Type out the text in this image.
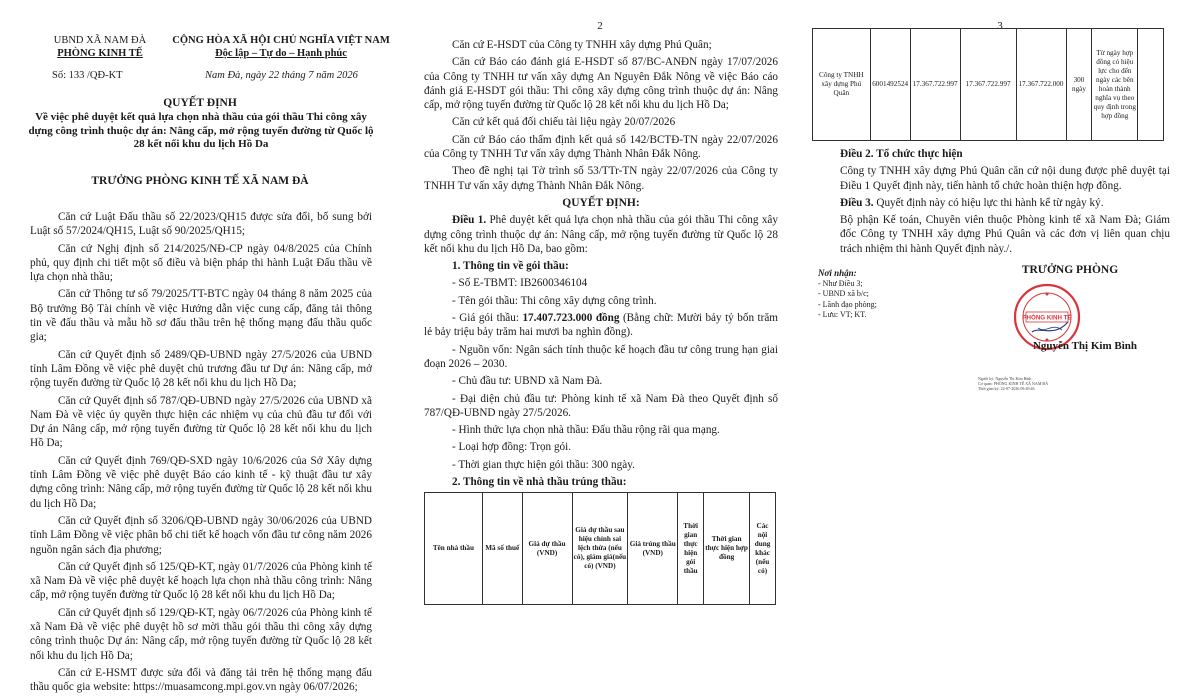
UBND XÃ NAM ĐÀ
PHÒNG KINH TẾ
CỘNG HÒA XÃ HỘI CHỦ NGHĨA VIỆT NAM
Độc lập – Tự do – Hạnh phúc
Số: 133 /QĐ-KT	Nam Đà, ngày 22 tháng 7 năm 2026
QUYẾT ĐỊNH
Về việc phê duyệt kết quả lựa chọn nhà thầu của gói thầu Thi công xây dựng công trình thuộc dự án: Nâng cấp, mở rộng tuyến đường từ Quốc lộ 28 kết nối khu du lịch Hồ Da
TRƯỞNG PHÒNG KINH TẾ XÃ NAM ĐÀ

Căn cứ Luật Đấu thầu số 22/2023/QH15 được sửa đổi, bổ sung bởi Luật số 57/2024/QH15, Luật số 90/2025/QH15;

Căn cứ Nghị định số 214/2025/NĐ-CP ngày 04/8/2025 của Chính phủ, quy định chi tiết một số điều và biện pháp thi hành Luật Đấu thầu về lựa chọn nhà thầu;

Căn cứ Thông tư số 79/2025/TT-BTC ngày 04 tháng 8 năm 2025 của Bộ trưởng Bộ Tài chính về việc Hướng dẫn việc cung cấp, đăng tải thông tin về đấu thầu và mẫu hồ sơ đấu thầu trên hệ thống mạng đấu thầu quốc gia;

Căn cứ Quyết định số 2489/QĐ-UBND ngày 27/5/2026 của UBND tỉnh Lâm Đồng về việc phê duyệt chủ trương đầu tư Dự án: Nâng cấp, mở rộng tuyến đường từ Quốc lộ 28 kết nối khu du lịch Hồ Da;

Căn cứ Quyết định số 787/QĐ-UBND ngày 27/5/2026 của UBND xã Nam Đà về việc ủy quyền thực hiện các nhiệm vụ của chủ đầu tư đối với Dự án Nâng cấp, mở rộng tuyến đường từ Quốc lộ 28 kết nối khu du lịch Hồ Da;

Căn cứ Quyết định 769/QĐ-SXD ngày 10/6/2026 của Sở Xây dựng tỉnh Lâm Đồng về việc phê duyệt Báo cáo kinh tế - kỹ thuật đầu tư xây dựng công trình: Nâng cấp, mở rộng tuyến đường từ Quốc lộ 28 kết nối khu du lịch Hồ Da;

Căn cứ Quyết định số 3206/QĐ-UBND ngày 30/06/2026 của UBND tỉnh Lâm Đồng về việc phân bổ chi tiết kế hoạch vốn đầu tư công năm 2026 nguồn ngân sách địa phương;

Căn cứ Quyết định số 125/QĐ-KT, ngày 01/7/2026 của Phòng kinh tế xã Nam Đà về việc phê duyệt kế hoạch lựa chọn nhà thầu công trình: Nâng cấp, mở rộng tuyến đường từ Quốc lộ 28 kết nối khu du lịch Hồ Da;

Căn cứ Quyết định số 129/QĐ-KT, ngày 06/7/2026 của Phòng kinh tế xã Nam Đà về việc phê duyệt hồ sơ mời thầu gói thầu thi công xây dựng công trình thuộc Dự án: Nâng cấp, mở rộng tuyến đường từ Quốc lộ 28 kết nối khu du lịch Hồ Da;

Căn cứ E-HSMT được sửa đổi và đăng tải trên hệ thống mạng đấu thầu quốc gia website: https://muasamcong.mpi.gov.vn ngày 06/07/2026;

2

Căn cứ E-HSDT của Công ty TNHH xây dựng Phú Quân;

Căn cứ Báo cáo đánh giá E-HSDT số 87/BC-ANĐN ngày 17/07/2026 của Công ty TNHH tư vấn xây dựng An Nguyên Đắk Nông về việc Báo cáo đánh giá E-HSDT gói thầu: Thi công xây dựng công trình thuộc dự án: Nâng cấp, mở rộng tuyến đường từ Quốc lộ 28 kết nối khu du lịch Hồ Da;

Căn cứ kết quả đối chiếu tài liệu ngày 20/07/2026

Căn cứ Báo cáo thẩm định kết quả số 142/BCTĐ-TN ngày 22/07/2026 của Công ty TNHH Tư vấn xây dựng Thành Nhân Đắk Nông.

Theo đề nghị tại Tờ trình số 53/TTr-TN ngày 22/07/2026 của Công ty TNHH Tư vấn xây dựng Thành Nhân Đắk Nông.

QUYẾT ĐỊNH:

Điều 1. Phê duyệt kết quả lựa chọn nhà thầu của gói thầu Thi công xây dựng công trình thuộc dự án: Nâng cấp, mở rộng tuyến đường từ Quốc lộ 28 kết nối khu du lịch Hồ Da, bao gồm:

1. Thông tin về gói thầu:

- Số E-TBMT: IB2600346104

- Tên gói thầu: Thi công xây dựng công trình.

- Giá gói thầu: 17.407.723.000 đồng (Bằng chữ: Mười bảy tỷ bốn trăm lẻ bảy triệu bảy trăm hai mươi ba nghìn đồng).

- Nguồn vốn: Ngân sách tỉnh thuộc kế hoạch đầu tư công trung hạn giai đoạn 2026 – 2030.

- Chủ đầu tư: UBND xã Nam Đà.

- Đại diện chủ đầu tư: Phòng kinh tế xã Nam Đà theo Quyết định số 787/QĐ-UBND ngày 27/5/2026.

- Hình thức lựa chọn nhà thầu: Đấu thầu rộng rãi qua mạng.

- Loại hợp đồng: Trọn gói.

- Thời gian thực hiện gói thầu: 300 ngày.

2. Thông tin về nhà thầu trúng thầu:

Tên nhà thầu	Mã số thuế	Giá dự thầu (VND)	Giá dự thầu sau hiệu chỉnh sai lệch thừa (nếu có), giảm giá(nếu có) (VND)	Giá trúng thầu (VND)	Thời gian thực hiện gói thầu	Thời gian thực hiện hợp đồng	Các nội dung khác (nếu có)
3
Công ty TNHH xây dựng Phú Quân	6001492524	17.367.722.997	17.367.722.997	17.367.722.000	300 ngày	Từ ngày hợp đồng có hiệu lực cho đến ngày các bên hoàn thành nghĩa vụ theo quy định trong hợp đồng	

Điều 2. Tổ chức thực hiện

Công ty TNHH xây dựng Phú Quân căn cứ nội dung được phê duyệt tại Điều 1 Quyết định này, tiến hành tổ chức hoàn thiện hợp đồng.

Điều 3. Quyết định này có hiệu lực thi hành kể từ ngày ký.

Bộ phận Kế toán, Chuyên viên thuộc Phòng kinh tế xã Nam Đà; Giám đốc Công ty TNHH xây dựng Phú Quân và các đơn vị liên quan chịu trách nhiệm thi hành Quyết định này./.

Nơi nhận:
- Như Điều 3;
- UBND xã b/c;
- Lãnh đạo phòng;
- Lưu: VT; KT.
TRƯỞNG PHÒNG
PHÒNG KINH TẾ
Nguyễn Thị Kim Bình
Người ký: Nguyễn Thị Kim Bình
Cơ quan: PHÒNG KINH TẾ XÃ NAM ĐÀ
Thời gian ký: 22-07-2026 09:49:46
